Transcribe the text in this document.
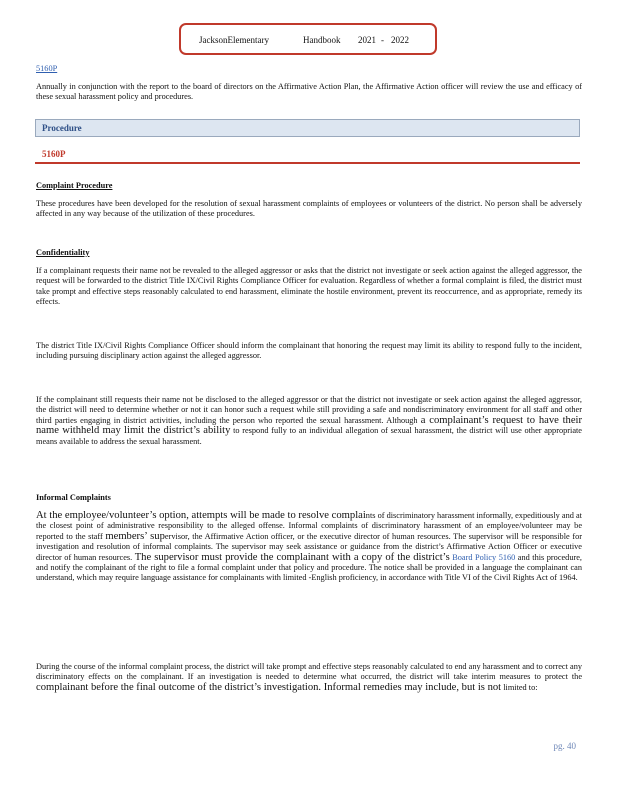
JacksonElementary	Handbook 2021 - 2022
5160P

Annually in conjunction with the report to the board of directors on the Affirmative Action Plan, the Affirmative Action officer will review the use and efficacy of these sexual harassment policy and procedures.

Procedure
5160P
Complaint Procedure

These procedures have been developed for the resolution of sexual harassment complaints of employees or volunteers of the district. No person shall be adversely affected in any way because of the utilization of these procedures.

Confidentiality

If a complainant requests their name not be revealed to the alleged aggressor or asks that the district not investigate or seek action against the alleged aggressor, the request will be forwarded to the district Title IX/Civil Rights Compliance Officer for evaluation. Regardless of whether a formal complaint is filed, the district must take prompt and effective steps reasonably calculated to end harassment, eliminate the hostile environment, prevent its reoccurrence, and as appropriate, remedy its effects.

The district Title IX/Civil Rights Compliance Officer should inform the complainant that honoring the request may limit its ability to respond fully to the incident, including pursuing disciplinary action against the alleged aggressor.

If the complainant still requests their name not be disclosed to the alleged aggressor or that the district not investigate or seek action against the alleged aggressor, the district will need to determine whether or not it can honor such a request while still providing a safe and nondiscriminatory environment for all staff and other third parties engaging in district activities, including the person who reported the sexual harassment. Although a complainant’s request to have their name withheld may limit the district’s ability to respond fully to an individual allegation of sexual harassment, the district will use other appropriate means available to address the sexual harassment.

Informal Complaints

At the employee/volunteer’s option, attempts will be made to resolve complaints of discriminatory harassment informally, expeditiously and at the closest point of administrative responsibility to the alleged offense. Informal complaints of discriminatory harassment of an employee/volunteer may be reported to the staff members’ supervisor, the Affirmative Action officer, or the executive director of human resources. The supervisor will be responsible for investigation and resolution of informal complaints. The supervisor may seek assistance or guidance from the district’s Affirmative Action Officer or executive director of human resources. The supervisor must provide the complainant with a copy of the district’s Board Policy 5160 and this procedure, and notify the complainant of the right to file a formal complaint under that policy and procedure. The notice shall be provided in a language the complainant can understand, which may require language assistance for complainants with limited -English proficiency, in accordance with Title VI of the Civil Rights Act of 1964.

During the course of the informal complaint process, the district will take prompt and effective steps reasonably calculated to end any harassment and to correct any discriminatory effects on the complainant. If an investigation is needed to determine what occurred, the district will take interim measures to protect the complainant before the final outcome of the district’s investigation. Informal remedies may include, but is not limited to:

pg. 40
